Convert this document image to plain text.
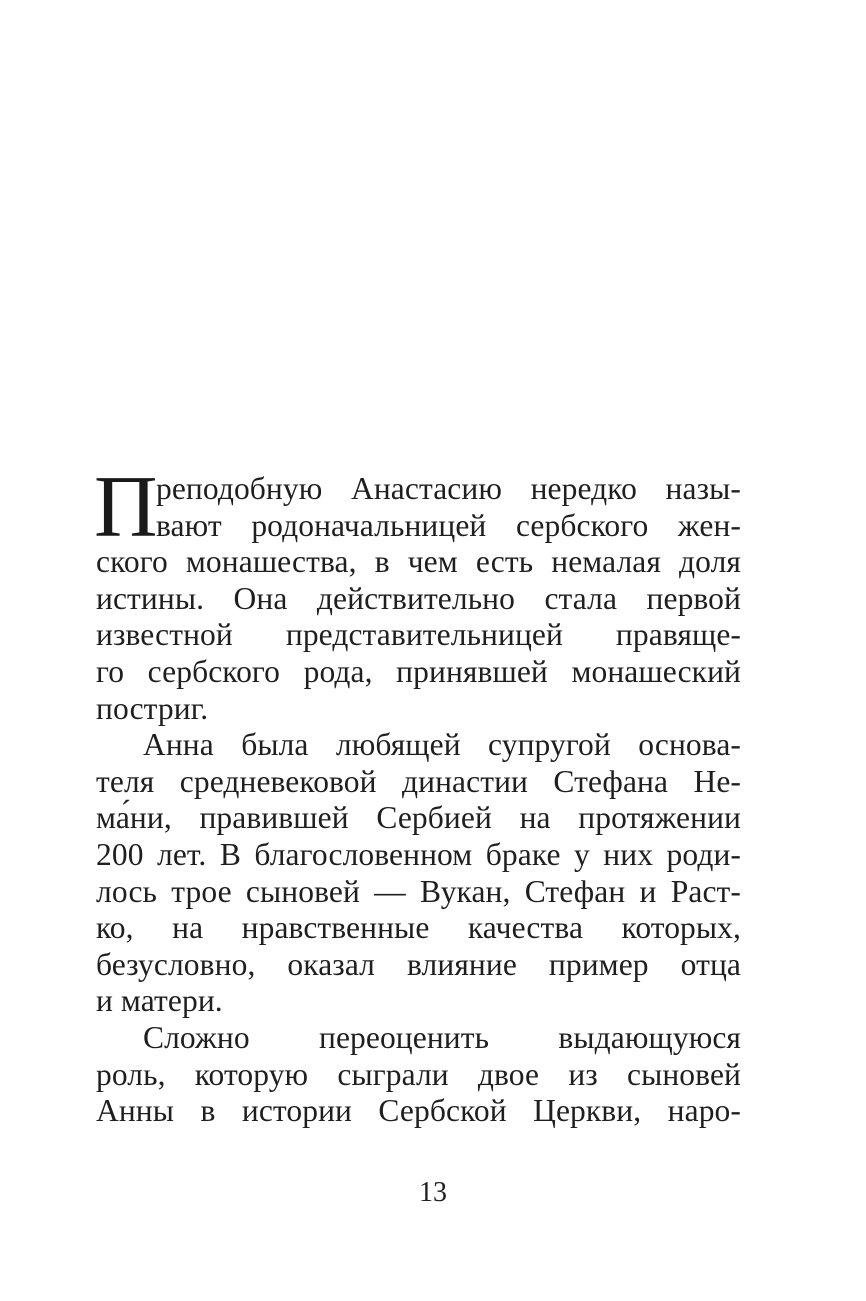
П
реподобную Анастасию нередко назы-
вают родоначальницей сербского жен-
ского монашества, в чем есть немалая доля
истины. Она действительно стала первой
известной представительницей правяще-
го сербского рода, принявшей монашеский
постриг.
Анна была любящей супругой основа-
теля средневековой династии Стефана Не-
ма́ни, правившей Сербией на протяжении
200 лет. В благословенном браке у них роди-
лось трое сыновей — Вукан, Стефан и Раст-
ко, на нравственные качества которых,
безусловно, оказал влияние пример отца
и матери.
Сложно переоценить выдающуюся
роль, которую сыграли двое из сыновей
Анны в истории Сербской Церкви, наро-
13
